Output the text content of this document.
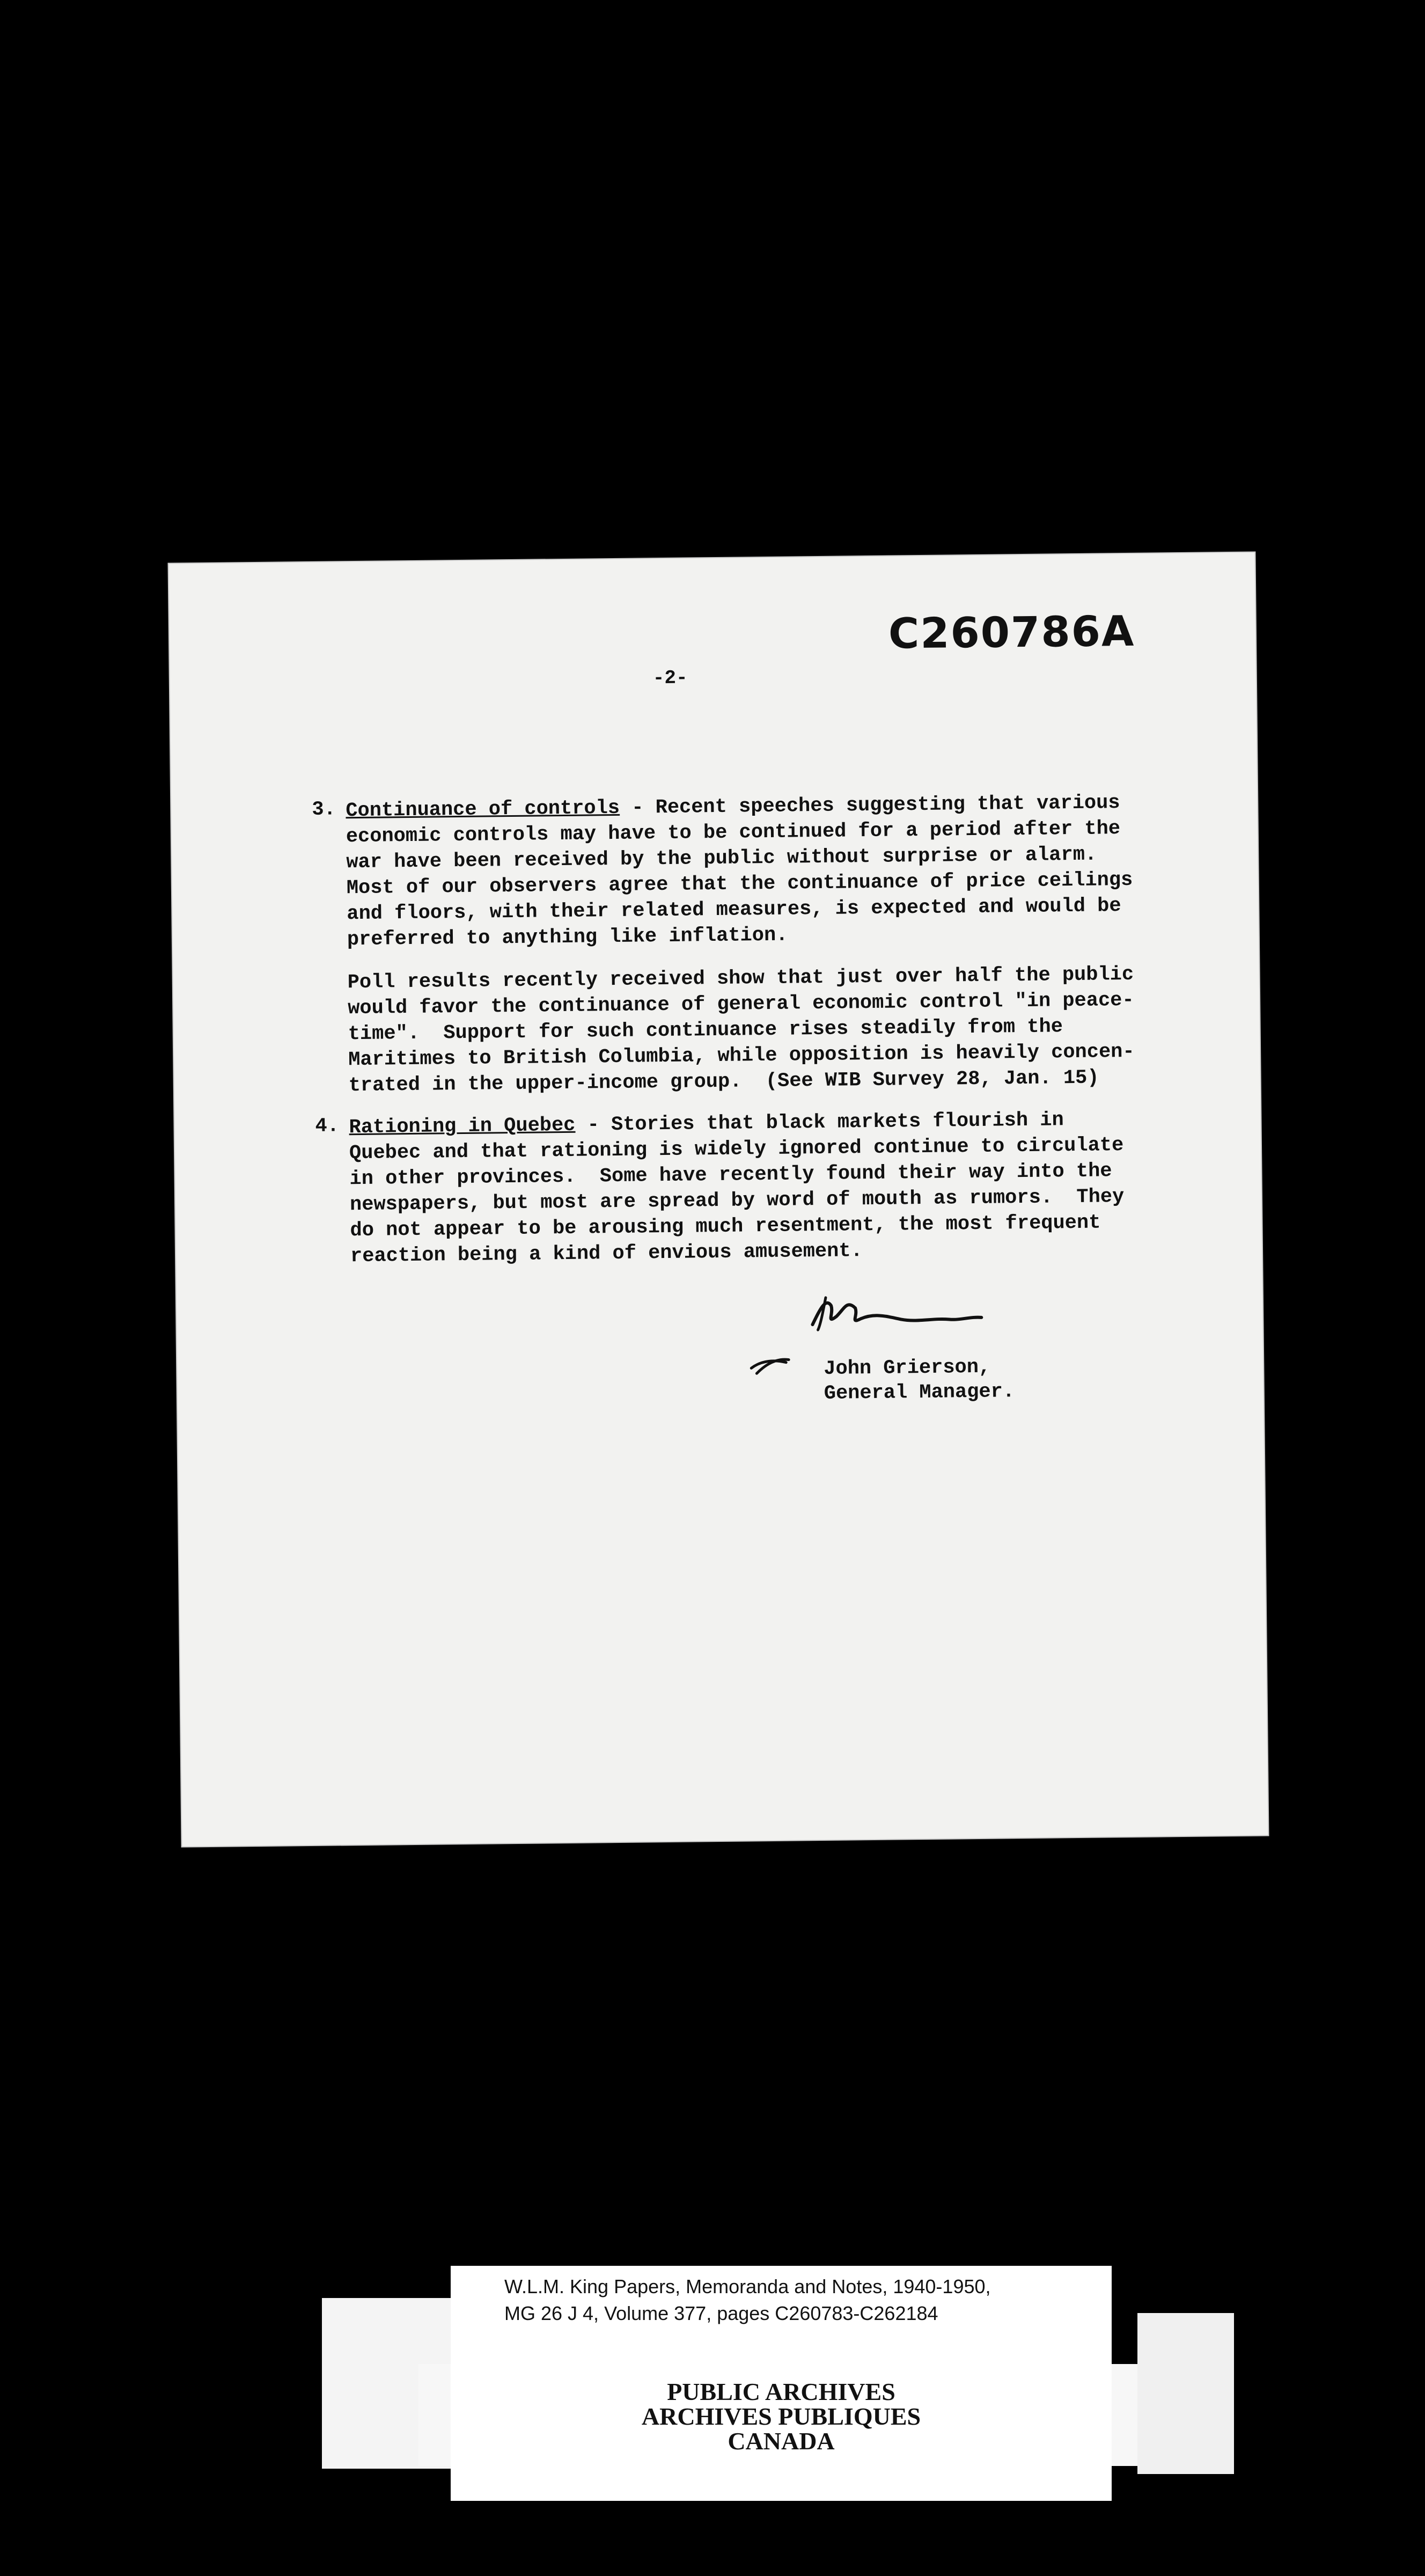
C260786A
-2-
3. Continuance of controls - Recent speeches suggesting that various
economic controls may have to be continued for a period after the
war have been received by the public without surprise or alarm.
Most of our observers agree that the continuance of price ceilings
and floors, with their related measures, is expected and would be
preferred to anything like inflation.
Poll results recently received show that just over half the public
would favor the continuance of general economic control "in peace-
time".  Support for such continuance rises steadily from the
Maritimes to British Columbia, while opposition is heavily concen-
trated in the upper-income group.  (See WIB Survey 28, Jan. 15)
4. Rationing in Quebec - Stories that black markets flourish in
Quebec and that rationing is widely ignored continue to circulate
in other provinces.  Some have recently found their way into the
newspapers, but most are spread by word of mouth as rumors.  They
do not appear to be arousing much resentment, the most frequent
reaction being a kind of envious amusement.
John Grierson,
General Manager.
W.L.M. King Papers, Memoranda and Notes, 1940-1950,
MG 26 J 4, Volume 377, pages C260783-C262184
PUBLIC ARCHIVES
ARCHIVES PUBLIQUES
CANADA
